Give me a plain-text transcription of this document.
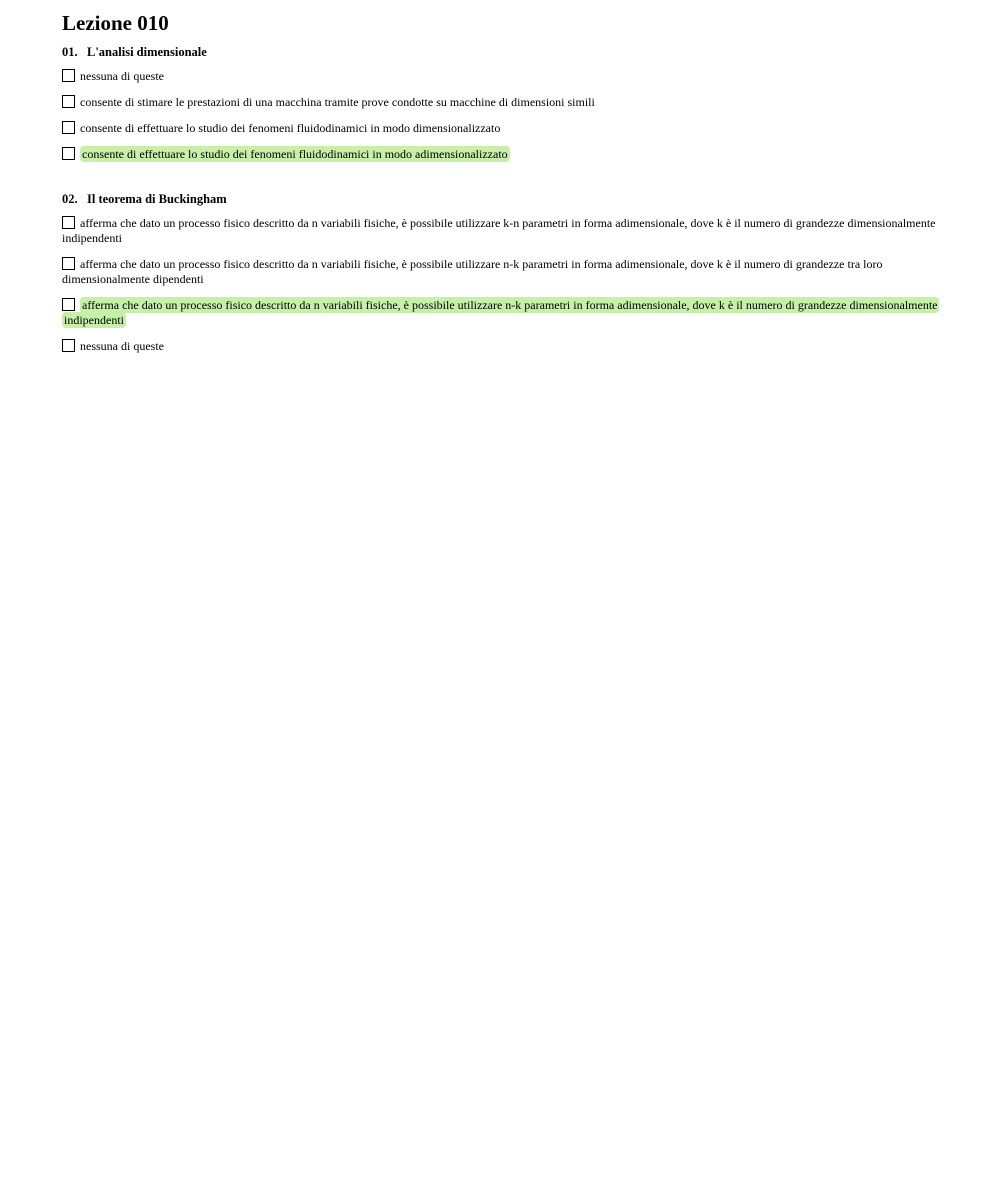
Lezione 010
01. L'analisi dimensionale
nessuna di queste
consente di stimare le prestazioni di una macchina tramite prove condotte su macchine di dimensioni simili
consente di effettuare lo studio dei fenomeni fluidodinamici in modo dimensionalizzato
consente di effettuare lo studio dei fenomeni fluidodinamici in modo adimensionalizzato
02. Il teorema di Buckingham
afferma che dato un processo fisico descritto da n variabili fisiche, è possibile utilizzare k-n parametri in forma adimensionale, dove k è il numero di grandezze dimensionalmente indipendenti
afferma che dato un processo fisico descritto da n variabili fisiche, è possibile utilizzare n-k parametri in forma adimensionale, dove k è il numero di grandezze tra loro dimensionalmente dipendenti
afferma che dato un processo fisico descritto da n variabili fisiche, è possibile utilizzare n-k parametri in forma adimensionale, dove k è il numero di grandezze dimensionalmente indipendenti
nessuna di queste
